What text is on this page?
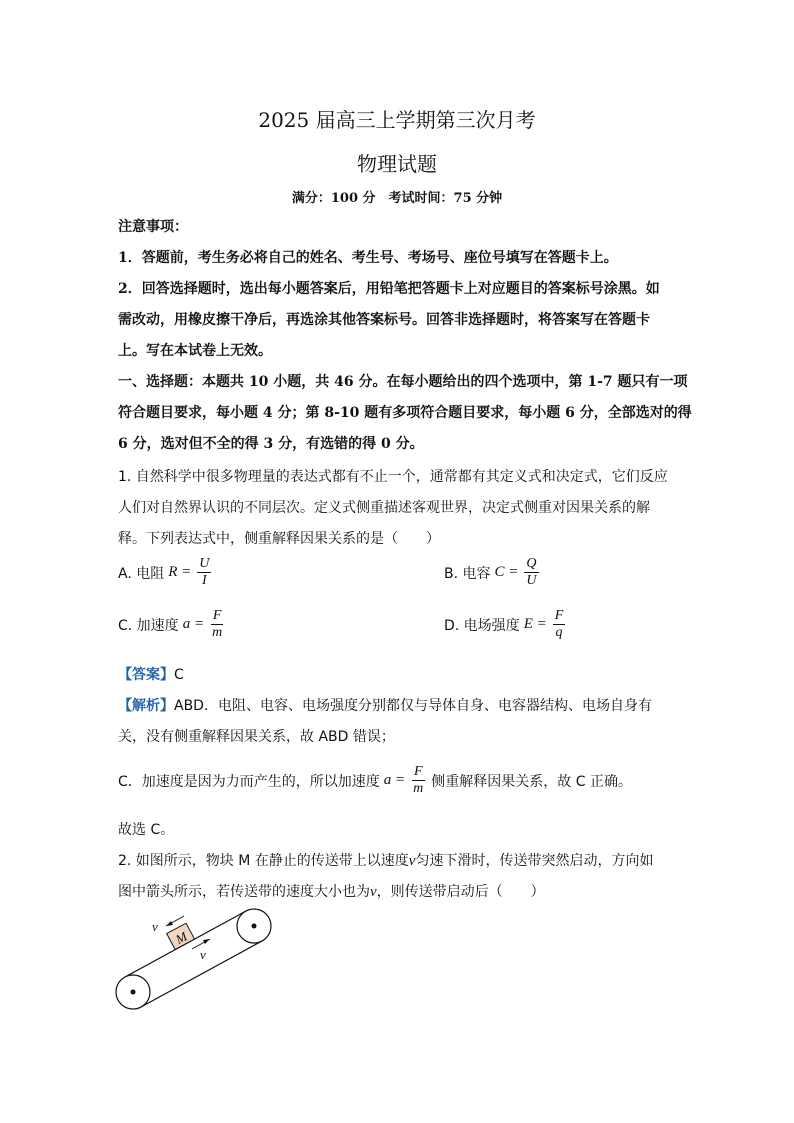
2025 届高三上学期第三次月考
物理试题
满分：100 分　考试时间：75 分钟
注意事项：
1．答题前，考生务必将自己的姓名、考生号、考场号、座位号填写在答题卡上。
2．回答选择题时，选出每小题答案后，用铅笔把答题卡上对应题目的答案标号涂黑。如
需改动，用橡皮擦干净后，再选涂其他答案标号。回答非选择题时，将答案写在答题卡
上。写在本试卷上无效。
一、选择题：本题共 10 小题，共 46 分。在每小题给出的四个选项中，第 1-7 题只有一项
符合题目要求，每小题 4 分；第 8-10 题有多项符合题目要求，每小题 6 分，全部选对的得
6 分，选对但不全的得 3 分，有选错的得 0 分。
1. 自然科学中很多物理量的表达式都有不止一个，通常都有其定义式和决定式，它们反应
人们对自然界认识的不同层次。定义式侧重描述客观世界，决定式侧重对因果关系的解
释。下列表达式中，侧重解释因果关系的是（　　）
A. 电阻 $R = \frac{U}{I}$	B. 电容 $C = \frac{Q}{U}$
C. 加速度 $a = \frac{F}{m}$	D. 电场强度 $E = \frac{F}{q}$
【答案】C
【解析】ABD．电阻、电容、电场强度分别都仅与导体自身、电容器结构、电场自身有
关，没有侧重解释因果关系，故 ABD 错误；
C．加速度是因为力而产生的，所以加速度 $a = \frac{F}{m}$ 侧重解释因果关系，故 C 正确。
故选 C。
2. 如图所示，物块 M 在静止的传送带上以速度v匀速下滑时，传送带突然启动，方向如
图中箭头所示，若传送带的速度大小也为v，则传送带启动后（　　）
M
v
v
